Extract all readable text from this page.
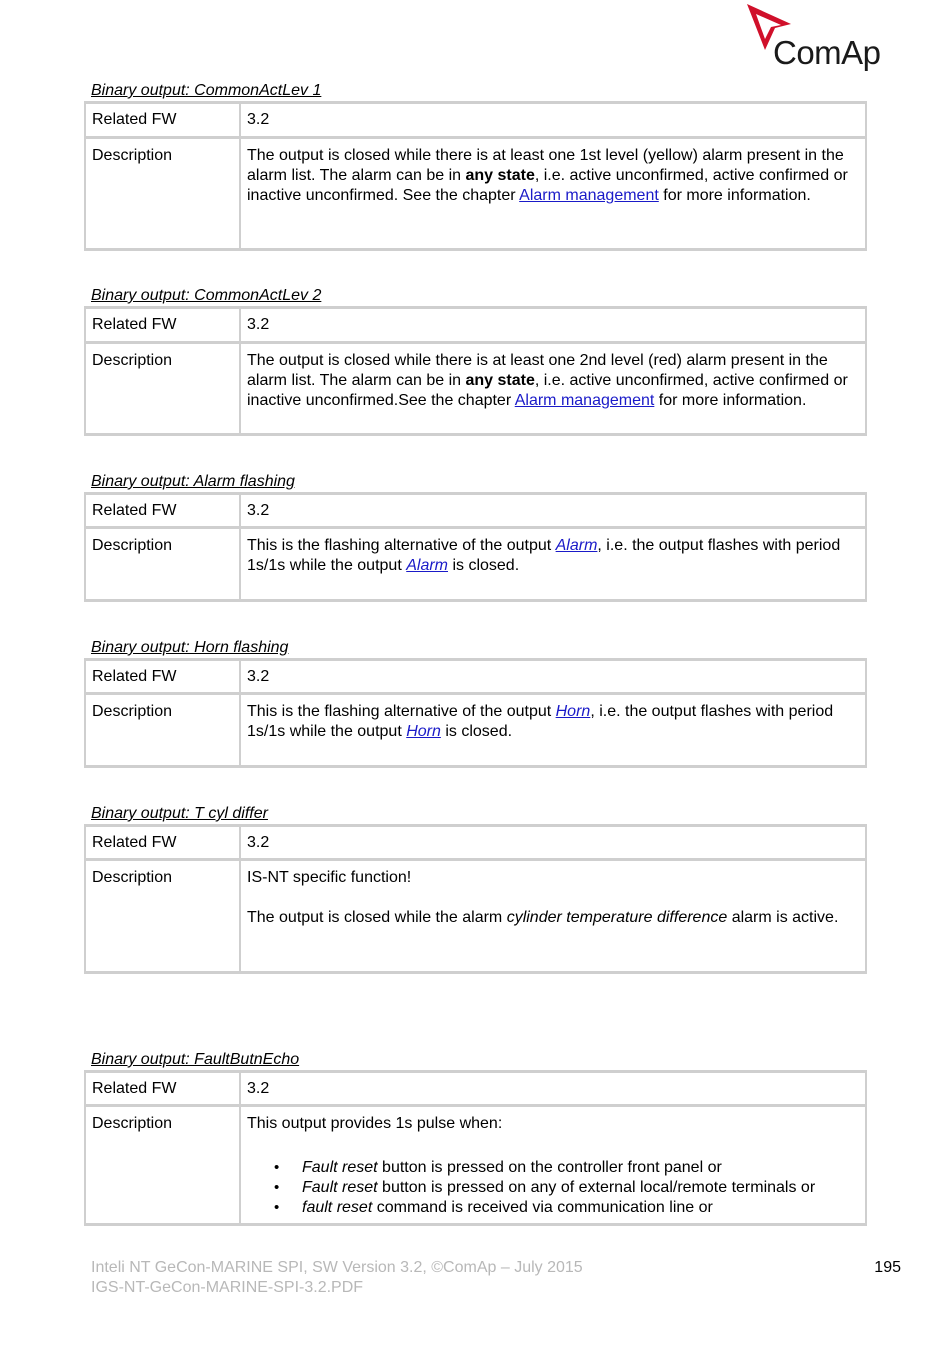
ComAp
Binary output: CommonActLev 1
Related FW	3.2
Description	The output is closed while there is at least one 1st level (yellow) alarm present in the alarm list. The alarm can be in any state, i.e. active unconfirmed, active confirmed or inactive unconfirmed. See the chapter Alarm management for more information.
Binary output: CommonActLev 2
Related FW	3.2
Description	The output is closed while there is at least one 2nd level (red) alarm present in the alarm list. The alarm can be in any state, i.e. active unconfirmed, active confirmed or inactive unconfirmed.See the chapter Alarm management for more information.
Binary output: Alarm flashing
Related FW	3.2
Description	This is the flashing alternative of the output Alarm, i.e. the output flashes with period 1s/1s while the output Alarm is closed.
Binary output: Horn flashing
Related FW	3.2
Description	This is the flashing alternative of the output Horn, i.e. the output flashes with period 1s/1s while the output Horn is closed.
Binary output: T cyl differ
Related FW	3.2
Description	IS-NT specific function!

The output is closed while the alarm cylinder temperature difference alarm is active.

Binary output: FaultButnEcho
Related FW	3.2
Description	This output provides 1s pulse when:
• Fault reset button is pressed on the controller front panel or
• Fault reset button is pressed on any of external local/remote terminals or
• fault reset command is received via communication line or
Inteli NT GeCon-MARINE SPI, SW Version 3.2, ©ComAp – July 2015
IGS-NT-GeCon-MARINE-SPI-3.2.PDF
195
